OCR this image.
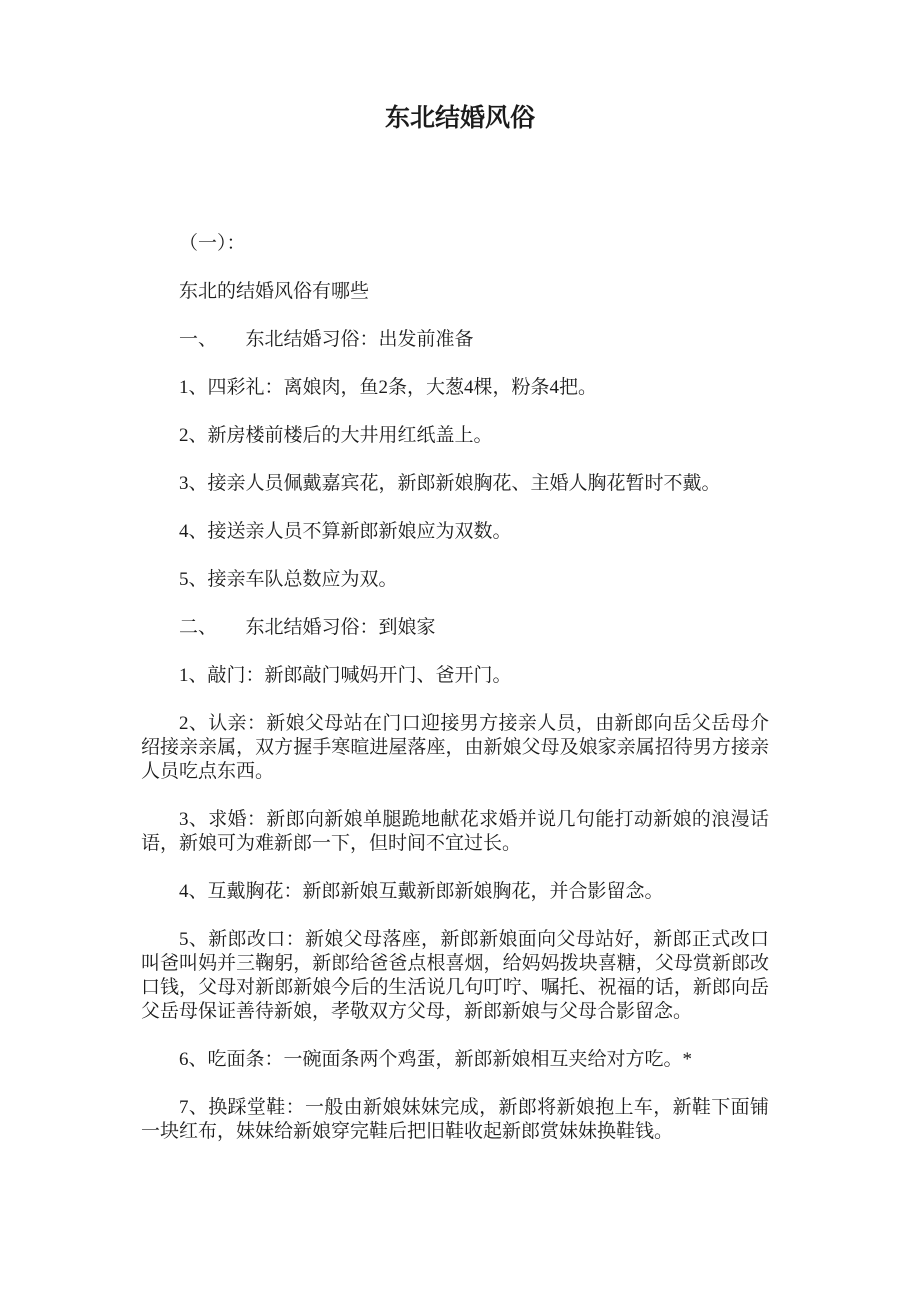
东北结婚风俗

（一）：

东北的结婚风俗有哪些

一、　　东北结婚习俗：出发前准备

1、四彩礼：离娘肉，鱼2条，大葱4棵，粉条4把。

2、新房楼前楼后的大井用红纸盖上。

3、接亲人员佩戴嘉宾花，新郎新娘胸花、主婚人胸花暂时不戴。

4、接送亲人员不算新郎新娘应为双数。

5、接亲车队总数应为双。

二、　　东北结婚习俗：到娘家

1、敲门：新郎敲门喊妈开门、爸开门。

2、认亲：新娘父母站在门口迎接男方接亲人员，由新郎向岳父岳母介绍接亲亲属，双方握手寒暄进屋落座，由新娘父母及娘家亲属招待男方接亲人员吃点东西。

3、求婚：新郎向新娘单腿跪地献花求婚并说几句能打动新娘的浪漫话语，新娘可为难新郎一下，但时间不宜过长。

4、互戴胸花：新郎新娘互戴新郎新娘胸花，并合影留念。

5、新郎改口：新娘父母落座，新郎新娘面向父母站好，新郎正式改口叫爸叫妈并三鞠躬，新郎给爸爸点根喜烟，给妈妈拨块喜糖，父母赏新郎改口钱，父母对新郎新娘今后的生活说几句叮咛、嘱托、祝福的话，新郎向岳父岳母保证善待新娘，孝敬双方父母，新郎新娘与父母合影留念。

6、吃面条：一碗面条两个鸡蛋，新郎新娘相互夹给对方吃。*

7、换踩堂鞋：一般由新娘妹妹完成，新郎将新娘抱上车，新鞋下面铺一块红布，妹妹给新娘穿完鞋后把旧鞋收起新郎赏妹妹换鞋钱。
